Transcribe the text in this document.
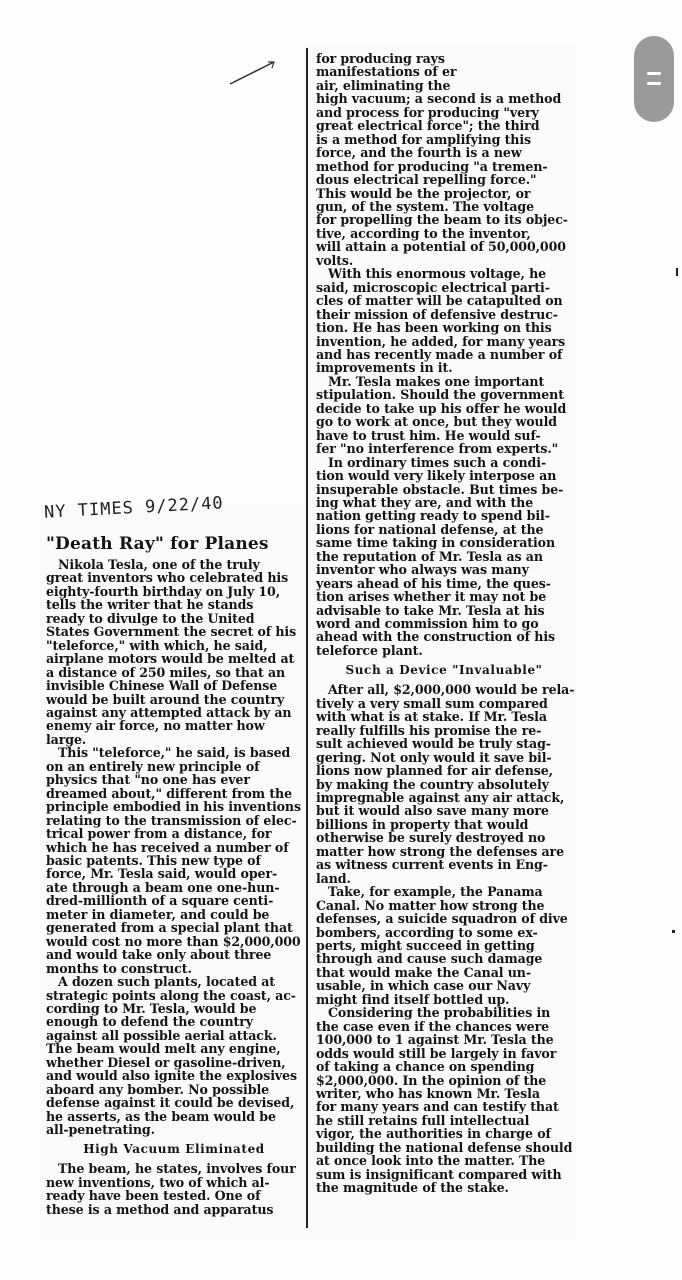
NY TIMES 9/22/40
"Death Ray" for Planes
Nikola Tesla, one of the truly
great inventors who celebrated his
eighty-fourth birthday on July 10,
tells the writer that he stands
ready to divulge to the United
States Government the secret of his
"teleforce," with which, he said,
airplane motors would be melted at
a distance of 250 miles, so that an
invisible Chinese Wall of Defense
would be built around the country
against any attempted attack by an
enemy air force, no matter how
large.
This "teleforce," he said, is based
on an entirely new principle of
physics that "no one has ever
dreamed about," different from the
principle embodied in his inventions
relating to the transmission of elec-
trical power from a distance, for
which he has received a number of
basic patents. This new type of
force, Mr. Tesla said, would oper-
ate through a beam one one-hun-
dred-millionth of a square centi-
meter in diameter, and could be
generated from a special plant that
would cost no more than $2,000,000
and would take only about three
months to construct.
A dozen such plants, located at
strategic points along the coast, ac-
cording to Mr. Tesla, would be
enough to defend the country
against all possible aerial attack.
The beam would melt any engine,
whether Diesel or gasoline-driven,
and would also ignite the explosives
aboard any bomber. No possible
defense against it could be devised,
he asserts, as the beam would be
all-penetrating.
High Vacuum Eliminated
The beam, he states, involves four
new inventions, two of which al-
ready have been tested. One of
these is a method and apparatus
for producing rays
manifestations of er
air, eliminating the
high vacuum; a second is a method
and process for producing "very
great electrical force"; the third
is a method for amplifying this
force, and the fourth is a new
method for producing "a tremen-
dous electrical repelling force."
This would be the projector, or
gun, of the system. The voltage
for propelling the beam to its objec-
tive, according to the inventor,
will attain a potential of 50,000,000
volts.
With this enormous voltage, he
said, microscopic electrical parti-
cles of matter will be catapulted on
their mission of defensive destruc-
tion. He has been working on this
invention, he added, for many years
and has recently made a number of
improvements in it.
Mr. Tesla makes one important
stipulation. Should the government
decide to take up his offer he would
go to work at once, but they would
have to trust him. He would suf-
fer "no interference from experts."
In ordinary times such a condi-
tion would very likely interpose an
insuperable obstacle. But times be-
ing what they are, and with the
nation getting ready to spend bil-
lions for national defense, at the
same time taking in consideration
the reputation of Mr. Tesla as an
inventor who always was many
years ahead of his time, the ques-
tion arises whether it may not be
advisable to take Mr. Tesla at his
word and commission him to go
ahead with the construction of his
teleforce plant.
Such a Device "Invaluable"
After all, $2,000,000 would be rela-
tively a very small sum compared
with what is at stake. If Mr. Tesla
really fulfills his promise the re-
sult achieved would be truly stag-
gering. Not only would it save bil-
lions now planned for air defense,
by making the country absolutely
impregnable against any air attack,
but it would also save many more
billions in property that would
otherwise be surely destroyed no
matter how strong the defenses are
as witness current events in Eng-
land.
Take, for example, the Panama
Canal. No matter how strong the
defenses, a suicide squadron of dive
bombers, according to some ex-
perts, might succeed in getting
through and cause such damage
that would make the Canal un-
usable, in which case our Navy
might find itself bottled up.
Considering the probabilities in
the case even if the chances were
100,000 to 1 against Mr. Tesla the
odds would still be largely in favor
of taking a chance on spending
$2,000,000. In the opinion of the
writer, who has known Mr. Tesla
for many years and can testify that
he still retains full intellectual
vigor, the authorities in charge of
building the national defense should
at once look into the matter. The
sum is insignificant compared with
the magnitude of the stake.
